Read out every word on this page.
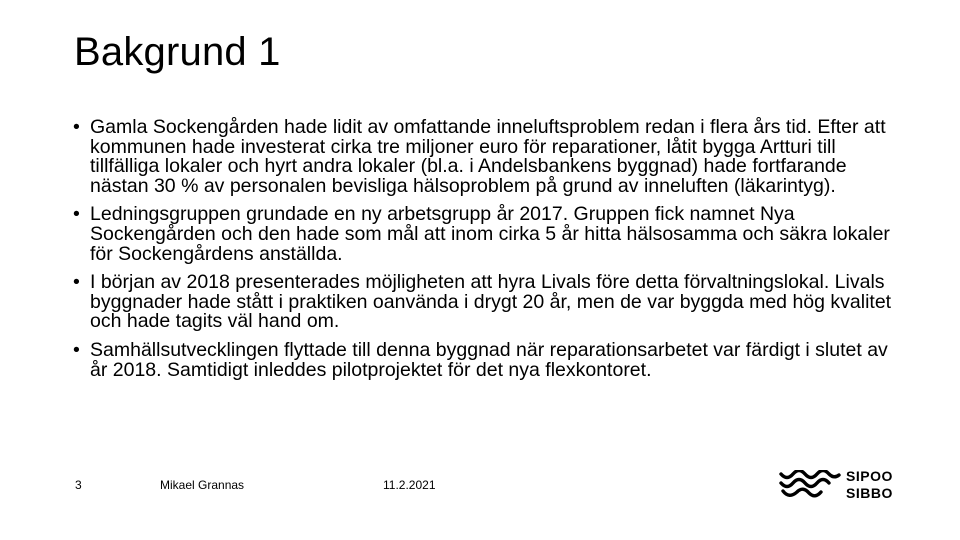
Bakgrund 1
• Gamla Sockengården hade lidit av omfattande inneluftsproblem redan i flera års tid. Efter att kommunen hade investerat cirka tre miljoner euro för reparationer, låtit bygga Artturi till tillfälliga lokaler och hyrt andra lokaler (bl.a. i Andelsbankens byggnad) hade fortfarande nästan 30 % av personalen bevisliga hälsoproblem på grund av inneluften (läkarintyg).
• Ledningsgruppen grundade en ny arbetsgrupp år 2017. Gruppen fick namnet Nya Sockengården och den hade som mål att inom cirka 5 år hitta hälsosamma och säkra lokaler för Sockengårdens anställda.
• I början av 2018 presenterades möjligheten att hyra Livals före detta förvaltningslokal. Livals byggnader hade stått i praktiken oanvända i drygt 20 år, men de var byggda med hög kvalitet och hade tagits väl hand om.
• Samhällsutvecklingen flyttade till denna byggnad när reparationsarbetet var färdigt i slutet av år 2018. Samtidigt inleddes pilotprojektet för det nya flexkontoret.
3	Mikael Grannas	11.2.2021
SIPOO
SIBBO
